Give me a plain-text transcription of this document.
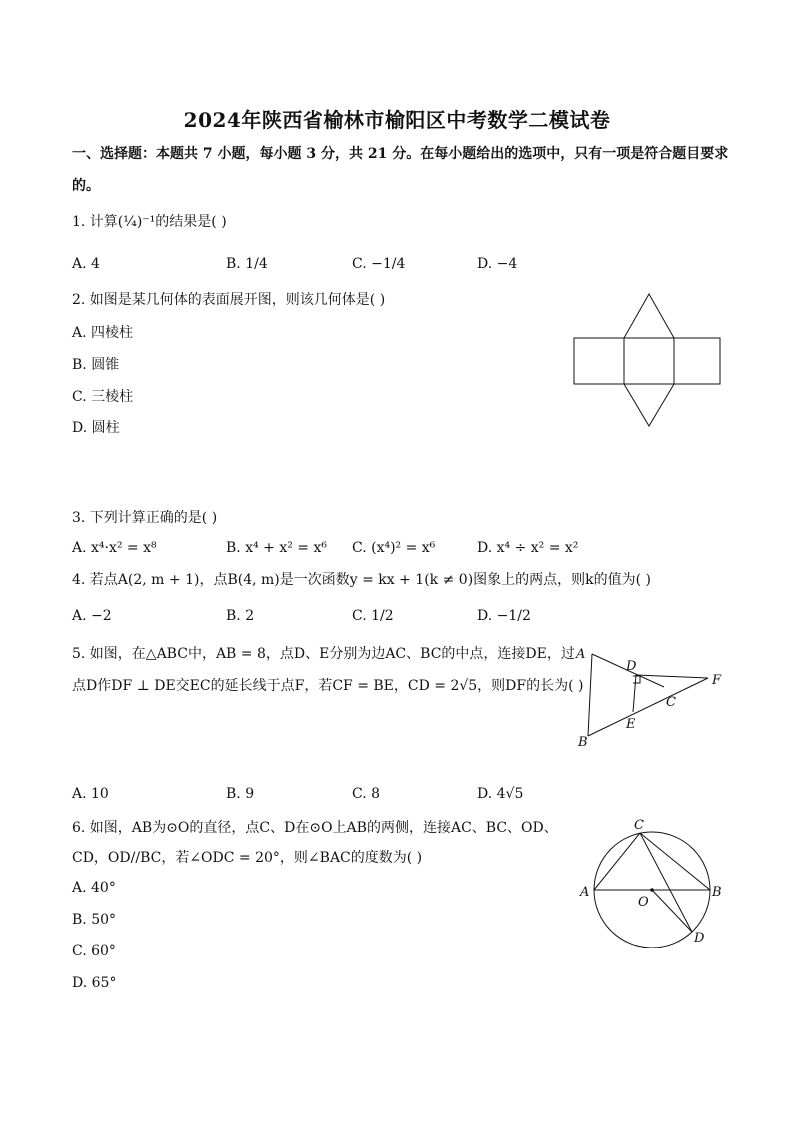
2024年陕西省榆林市榆阳区中考数学二模试卷
一、选择题：本题共 7 小题，每小题 3 分，共 21 分。在每小题给出的选项中，只有一项是符合题目要求
的。
1. 计算(¹⁄₄)⁻¹的结果是( )
A. 4	B. 1/4	C. −1/4	D. −4
2. 如图是某几何体的表面展开图，则该几何体是( )
A. 四棱柱
B. 圆锥
C. 三棱柱
D. 圆柱
3. 下列计算正确的是( )
A. x⁴·x² = x⁸	B. x⁴ + x² = x⁶ C. (x⁴)² = x⁶	D. x⁴ ÷ x² = x²
4. 若点A(2, m + 1)，点B(4, m)是一次函数y = kx + 1(k ≠ 0)图象上的两点，则k的值为( )
A. −2	B. 2	C. 1/2	D. −1/2
5. 如图，在△ABC中，AB = 8，点D、E分别为边AC、BC的中点，连接DE，过
点D作DF ⊥ DE交EC的延长线于点F，若CF = BE，CD = 2√5，则DF的长为( )
A. 10	B. 9	C. 8	D. 4√5
A
D
F
C
E
B
6. 如图，AB为⊙O的直径，点C、D在⊙O上AB的两侧，连接AC、BC、OD、
CD，OD//BC，若∠ODC = 20°，则∠BAC的度数为( )
A. 40°
B. 50°
C. 60°
D. 65°
C
A
O
B
D
